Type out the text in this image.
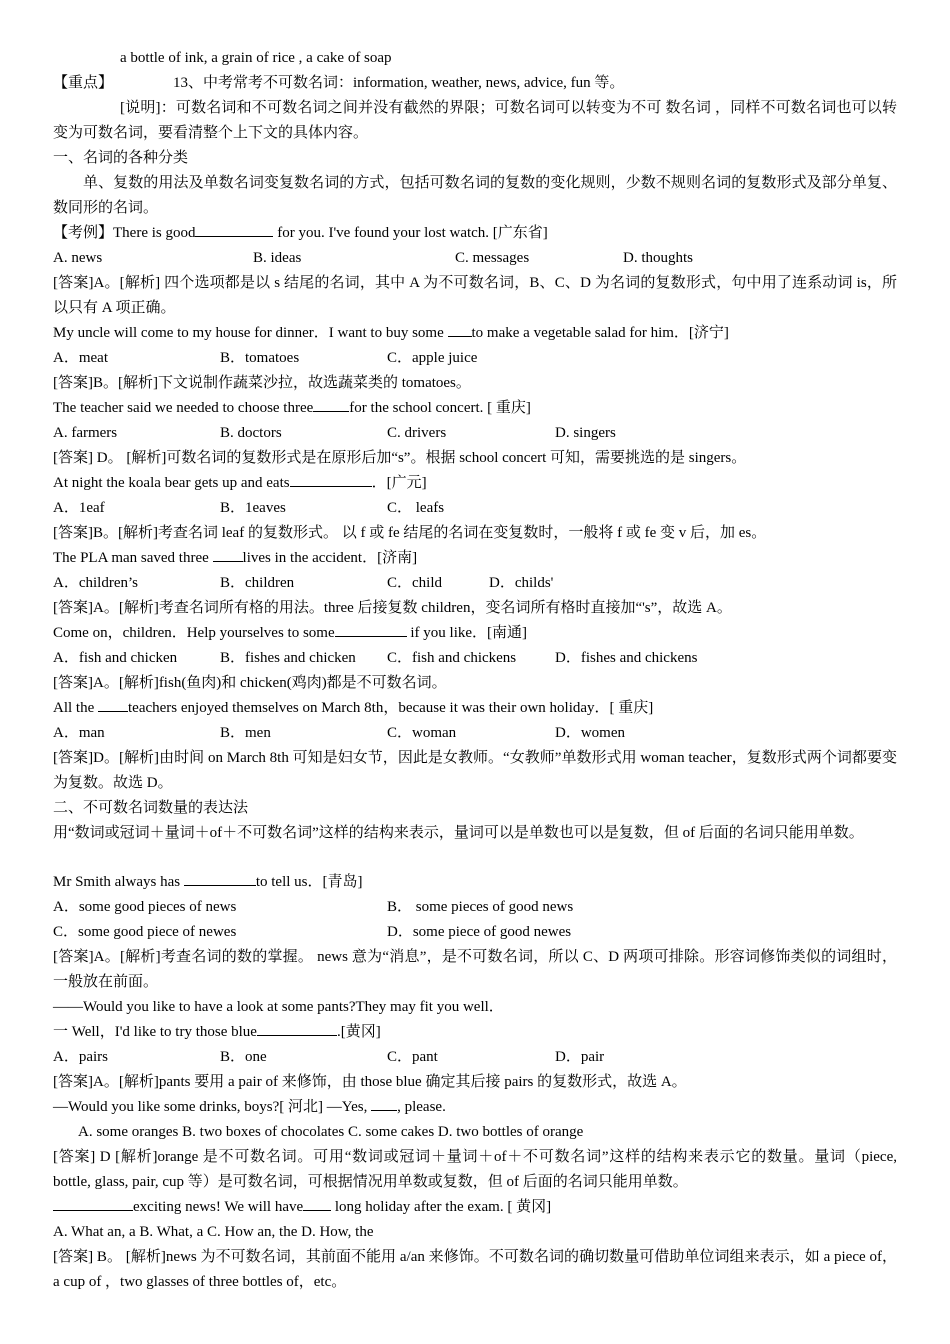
a bottle of ink, a grain of rice , a cake of soap
【重点】	13、中考常考不可数名词：information, weather, news, advice, fun 等。
[说明]：可数名词和不可数名词之间并没有截然的界限；可数名词可以转变为不可 数名词 ，同样不可数名词也可以转变为可数名词，要看清整个上下文的具体内容。
一、名词的各种分类
单、复数的用法及单数名词变复数名词的方式，包括可数名词的复数的变化规则，少数不规则名词的复数形式及部分单复、数同形的名词。
【考例】There is good	for you. I've found your lost watch. [广东省]
A. news	B. ideas	C. messages	D. thoughts
[答案]A。[解析] 四个选项都是以 s 结尾的名词，其中 A 为不可数名词，B、C、D 为名词的复数形式，句中用了连系动词 is，所以只有 A 项正确。
My uncle will come to my house for dinner．I want to buy some to make a vegetable salad for him．[济宁]
A．meat	B．tomatoes	C．apple juice
[答案]B。[解析]下文说制作蔬菜沙拉，故选蔬菜类的 tomatoes。
The teacher said we needed to choose three for the school concert. [ 重庆]
A. farmers	B. doctors	C. drivers	D. singers
[答案] D。 [解析]可数名词的复数形式是在原形后加“s”。根据 school concert 可知，需要挑选的是 singers。
At night the koala bear gets up and eats	．[广元]
A．1eaf	B．1eaves	C． leafs
[答案]B。[解析]考查名词 leaf 的复数形式。 以 f 或 fe 结尾的名词在变复数时，一般将 f 或 fe 变 v 后，加 es。
The PLA man saved three lives in the accident．[济南]
A．children’s	B．children	C．child	D．childs'
[答案]A。[解析]考查名词所有格的用法。three 后接复数 children，变名词所有格时直接加“'s”，故选 A。
Come on，children．Help yourselves to some	if you like．[南通]
A．fish and chicken	B．fishes and chicken C．fish and chickens	D．fishes and chickens
[答案]A。[解析]fish(鱼肉)和 chicken(鸡肉)都是不可数名词。
All the teachers enjoyed themselves on March 8th，because it was their own holiday．[ 重庆]
A．man	B．men	C．woman	D．women
[答案]D。[解析]由时间 on March 8th 可知是妇女节，因此是女教师。“女教师”单数形式用 woman teacher，复数形式两个词都要变为复数。故选 D。
二、不可数名词数量的表达法
用“数词或冠词＋量词＋of＋不可数名词”这样的结构来表示，量词可以是单数也可以是复数，但 of 后面的名词只能用单数。
Mr Smith always has	to tell us．[青岛]
A．some good pieces of news	B． some pieces of good news
C．some good piece of newes	D．some piece of good newes
[答案]A。[解析]考查名词的数的掌握。 news 意为“消息”，是不可数名词，所以 C、D 两项可排除。形容词修饰类似的词组时，一般放在前面。
——Would you like to have a look at some pants?They may fit you well．
一 Well，I'd like to try those blue	.[黄冈]
A．pairs	B．one	C．pant	D．pair
[答案]A。[解析]pants 要用 a pair of 来修饰，由 those blue 确定其后接 pairs 的复数形式，故选 A。
—Would you like some drinks, boys?[ 河北] —Yes, , please.
A. some oranges B. two boxes of chocolates C. some cakes D. two bottles of orange
[答案] D [解析]orange 是不可数名词。可用“数词或冠词＋量词＋of＋不可数名词”这样的结构来表示它的数量。量词（piece, bottle, glass, pair, cup 等）是可数名词，可根据情况用单数或复数，但 of 后面的名词只能用单数。
exciting news! We will have long holiday after the exam. [ 黄冈]
A. What an, a B. What, a C. How an, the D. How, the
[答案] B。 [解析]news 为不可数名词，其前面不能用 a/an 来修饰。不可数名词的确切数量可借助单位词组来表示，如 a piece of，a cup of ，two glasses of three bottles of，etc。
